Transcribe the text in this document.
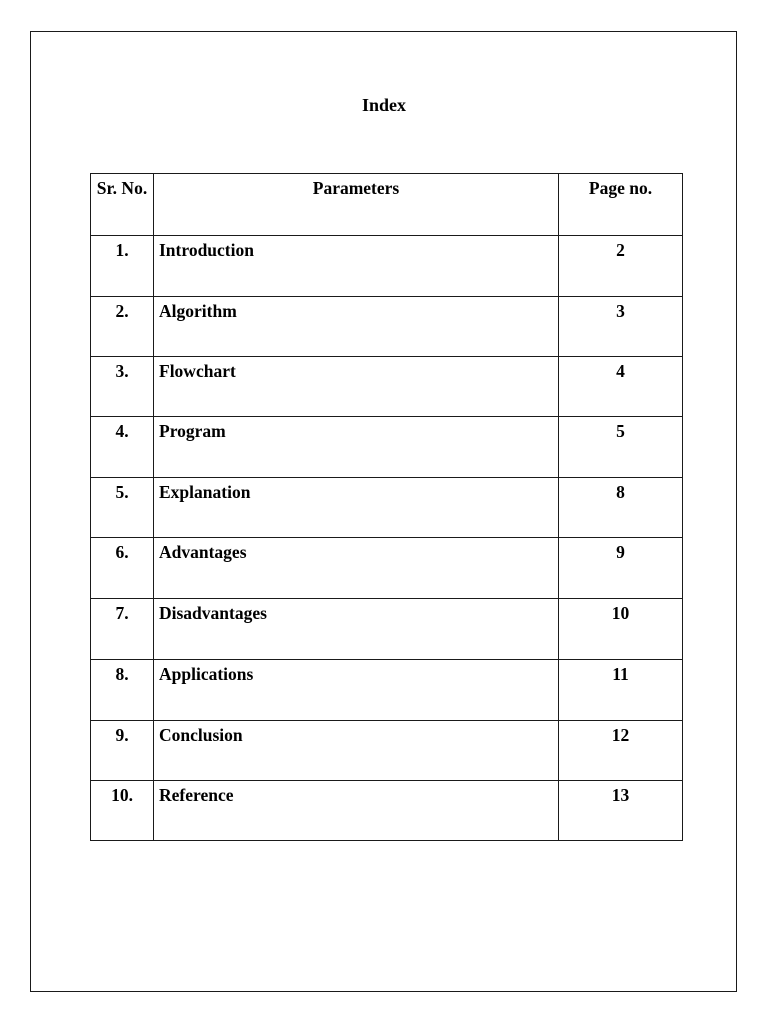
Index
Sr. No.	Parameters	Page no.
1.	Introduction	2
2.	Algorithm	3
3.	Flowchart	4
4.	Program	5
5.	Explanation	8
6.	Advantages	9
7.	Disadvantages	10
8.	Applications	11
9.	Conclusion	12
10.	Reference	13
